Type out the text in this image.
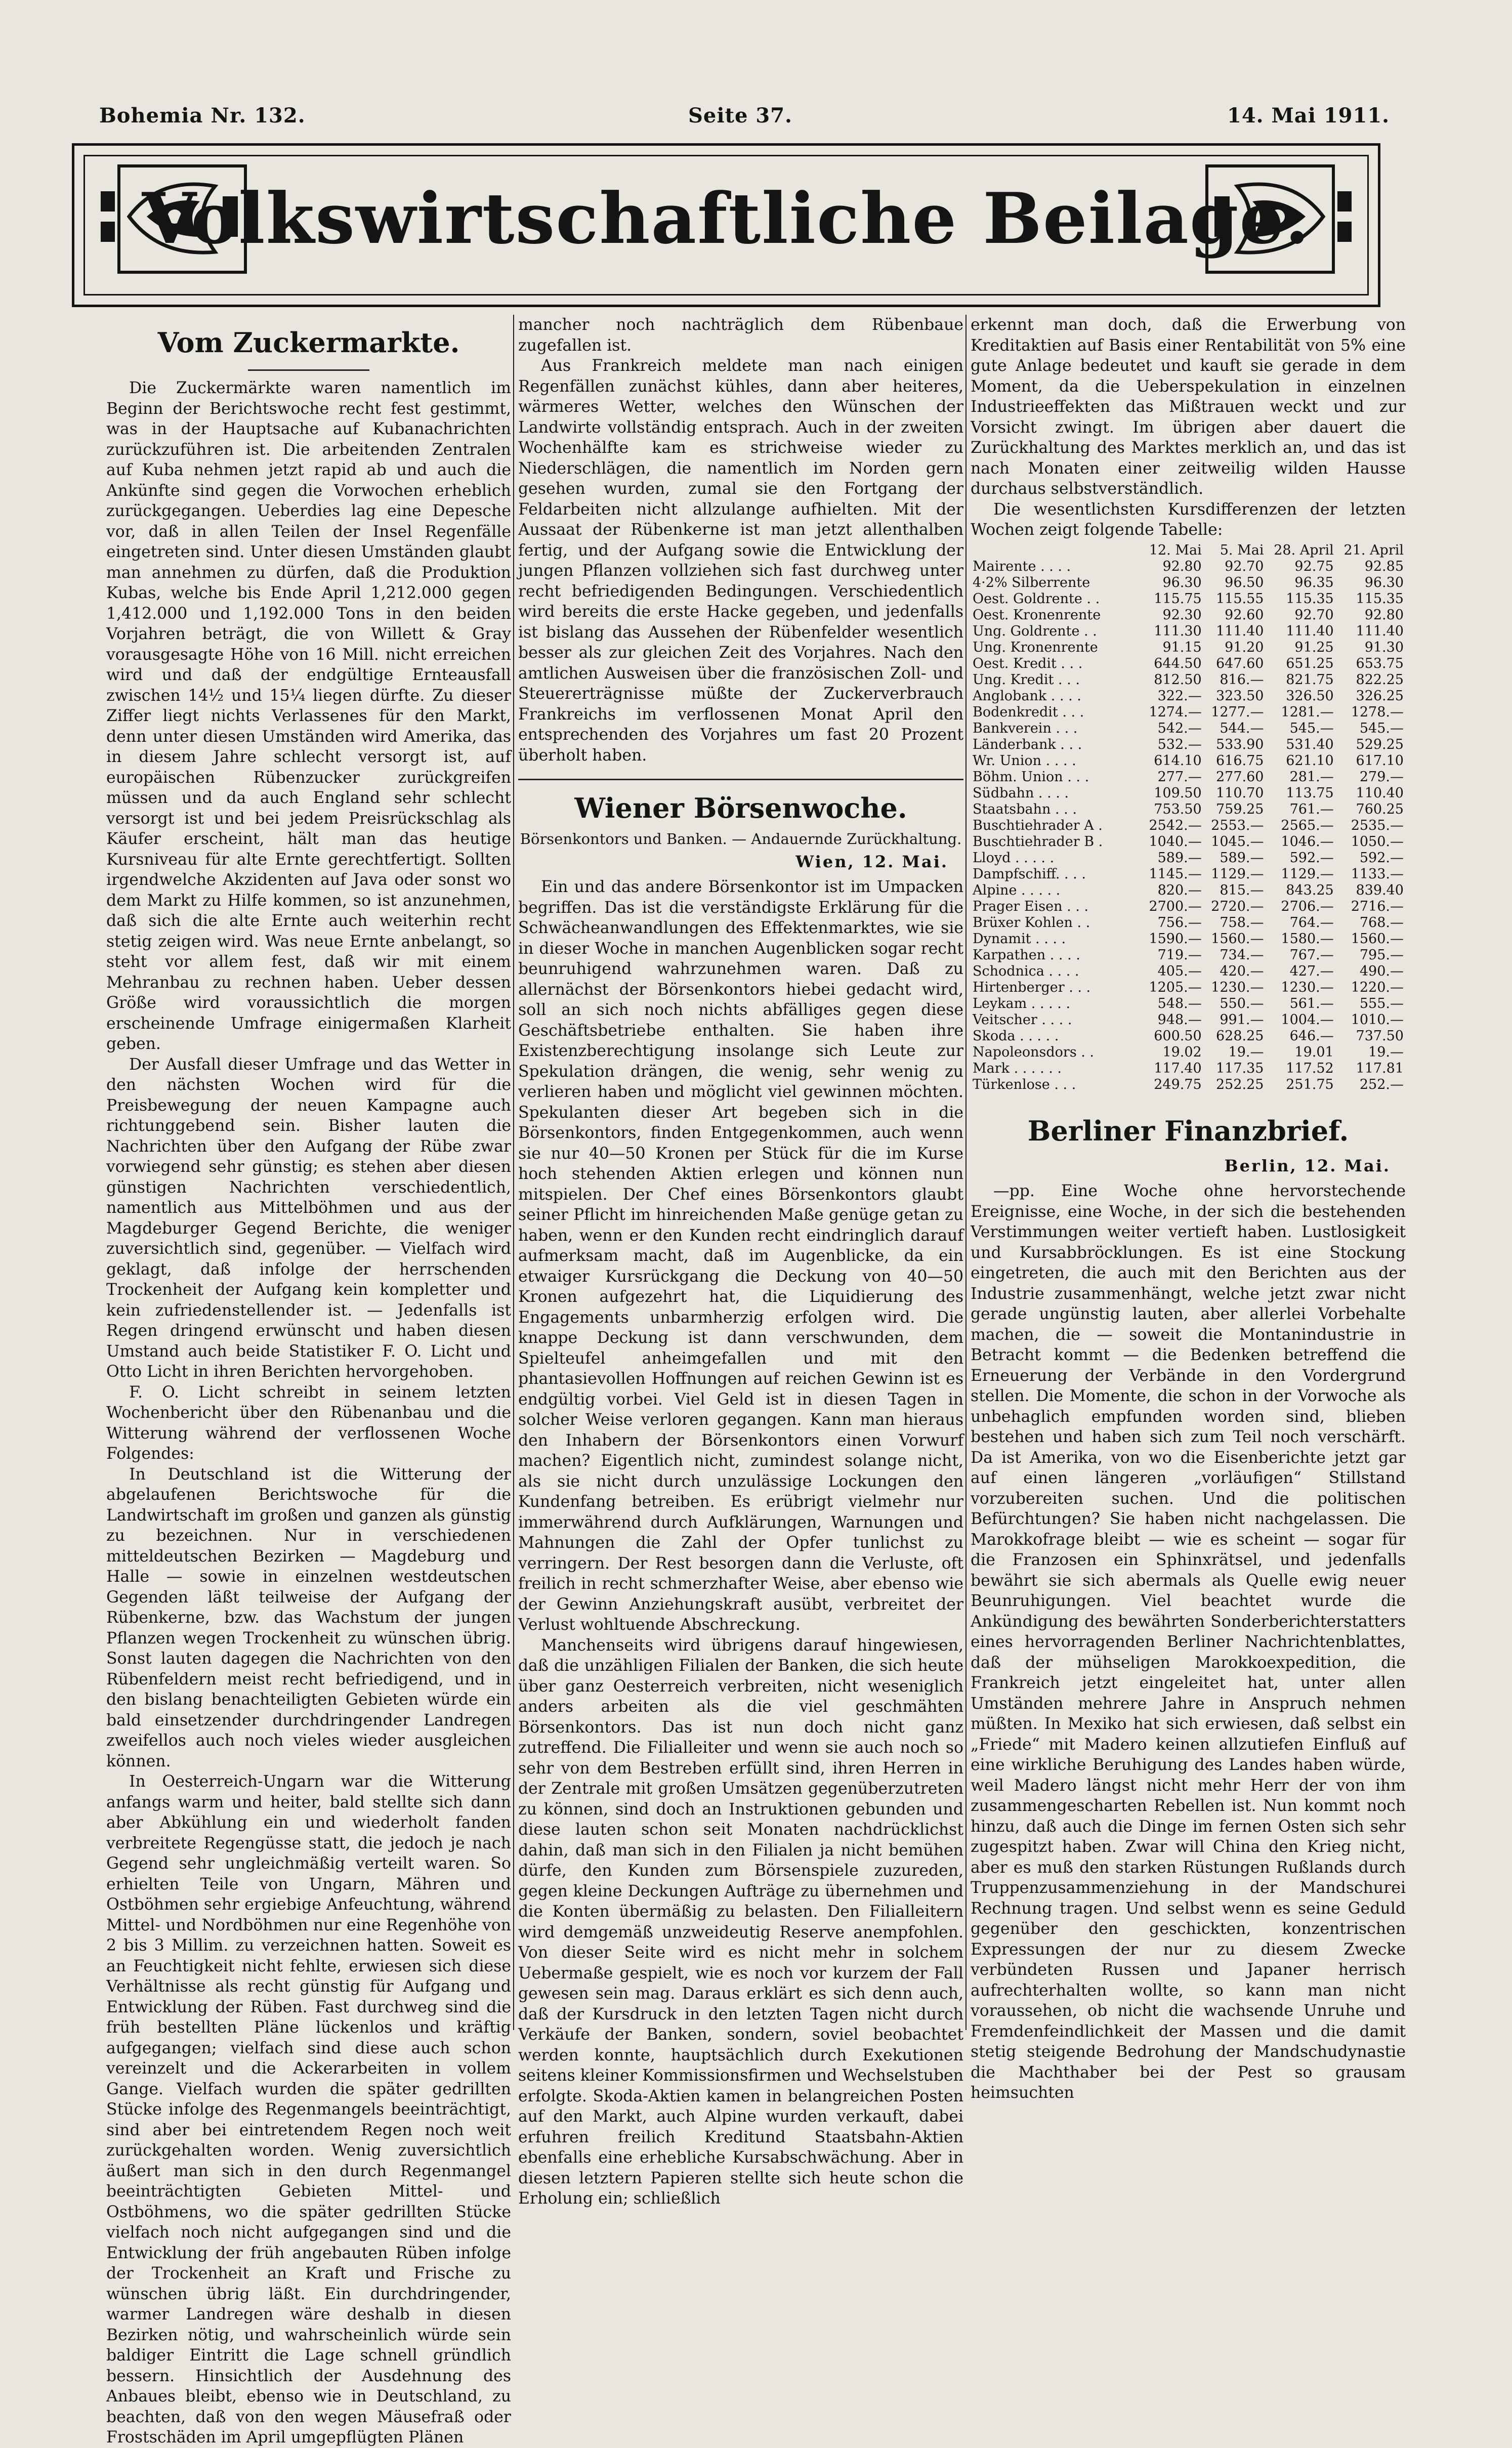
Bohemia Nr. 132.	Seite 37.	14. Mai 1911.
Volkswirtschaftliche Beilage.
Vom Zuckermarkte.

Die Zuckermärkte waren namentlich im Beginn der Berichtswoche recht fest gestimmt, was in der Hauptsache auf Kubanachrichten zurückzuführen ist. Die arbeitenden Zentralen auf Kuba nehmen jetzt rapid ab und auch die Ankünfte sind gegen die Vorwochen erheblich zurückgegangen. Ueberdies lag eine Depesche vor, daß in allen Teilen der Insel Regenfälle eingetreten sind. Unter diesen Umständen glaubt man annehmen zu dürfen, daß die Produktion Kubas, welche bis Ende April 1,212.000 gegen 1,412.000 und 1,192.000 Tons in den beiden Vorjahren beträgt, die von Willett & Gray vorausgesagte Höhe von 16 Mill. nicht erreichen wird und daß der endgültige Ernteausfall zwischen 14½ und 15¼ liegen dürfte. Zu dieser Ziffer liegt nichts Verlassenes für den Markt, denn unter diesen Umständen wird Amerika, das in diesem Jahre schlecht versorgt ist, auf europäischen Rübenzucker zurückgreifen müssen und da auch England sehr schlecht versorgt ist und bei jedem Preisrückschlag als Käufer erscheint, hält man das heutige Kursniveau für alte Ernte gerechtfertigt. Sollten irgendwelche Akzidenten auf Java oder sonst wo dem Markt zu Hilfe kommen, so ist anzunehmen, daß sich die alte Ernte auch weiterhin recht stetig zeigen wird. Was neue Ernte anbelangt, so steht vor allem fest, daß wir mit einem Mehranbau zu rechnen haben. Ueber dessen Größe wird voraussichtlich die morgen erscheinende Umfrage einigermaßen Klarheit geben.

Der Ausfall dieser Umfrage und das Wetter in den nächsten Wochen wird für die Preisbewegung der neuen Kampagne auch richtunggebend sein. Bisher lauten die Nachrichten über den Aufgang der Rübe zwar vorwiegend sehr günstig; es stehen aber diesen günstigen Nachrichten verschiedentlich, namentlich aus Mittelböhmen und aus der Magdeburger Gegend Berichte, die weniger zuversichtlich sind, gegenüber. — Vielfach wird geklagt, daß infolge der herrschenden Trockenheit der Aufgang kein kompletter und kein zufriedenstellender ist. — Jedenfalls ist Regen dringend erwünscht und haben diesen Umstand auch beide Statistiker F. O. Licht und Otto Licht in ihren Berichten hervorgehoben.

F. O. Licht schreibt in seinem letzten Wochenbericht über den Rübenanbau und die Witterung während der verflossenen Woche Folgendes:

In Deutschland ist die Witterung der abgelaufenen Berichtswoche für die Landwirtschaft im großen und ganzen als günstig zu bezeichnen. Nur in verschiedenen mitteldeutschen Bezirken — Magdeburg und Halle — sowie in einzelnen westdeutschen Gegenden läßt teilweise der Aufgang der Rübenkerne, bzw. das Wachstum der jungen Pflanzen wegen Trockenheit zu wünschen übrig. Sonst lauten dagegen die Nachrichten von den Rübenfeldern meist recht befriedigend, und in den bislang benachteiligten Gebieten würde ein bald einsetzender durchdringender Landregen zweifellos auch noch vieles wieder ausgleichen können.

In Oesterreich-Ungarn war die Witterung anfangs warm und heiter, bald stellte sich dann aber Abkühlung ein und wiederholt fanden verbreitete Regengüsse statt, die jedoch je nach Gegend sehr ungleichmäßig verteilt waren. So erhielten Teile von Ungarn, Mähren und Ostböhmen sehr ergiebige Anfeuchtung, während Mittel- und Nordböhmen nur eine Regenhöhe von 2 bis 3 Millim. zu verzeichnen hatten. Soweit es an Feuchtigkeit nicht fehlte, erwiesen sich diese Verhältnisse als recht günstig für Aufgang und Entwicklung der Rüben. Fast durchweg sind die früh bestellten Pläne lückenlos und kräftig aufgegangen; vielfach sind diese auch schon vereinzelt und die Ackerarbeiten in vollem Gange. Vielfach wurden die später gedrillten Stücke infolge des Regenmangels beeinträchtigt, sind aber bei eintretendem Regen noch weit zurückgehalten worden. Wenig zuversichtlich äußert man sich in den durch Regenmangel beeinträchtigten Gebieten Mittel- und Ostböhmens, wo die später gedrillten Stücke vielfach noch nicht aufgegangen sind und die Entwicklung der früh angebauten Rüben infolge der Trockenheit an Kraft und Frische zu wünschen übrig läßt. Ein durchdringender, warmer Landregen wäre deshalb in diesen Bezirken nötig, und wahrscheinlich würde sein baldiger Eintritt die Lage schnell gründlich bessern. Hinsichtlich der Ausdehnung des Anbaues bleibt, ebenso wie in Deutschland, zu beachten, daß von den wegen Mäusefraß oder Frostschäden im April umgepflügten Plänen

mancher noch nachträglich dem Rübenbaue zugefallen ist.

Aus Frankreich meldete man nach einigen Regenfällen zunächst kühles, dann aber heiteres, wärmeres Wetter, welches den Wünschen der Landwirte vollständig entsprach. Auch in der zweiten Wochenhälfte kam es strichweise wieder zu Niederschlägen, die namentlich im Norden gern gesehen wurden, zumal sie den Fortgang der Feldarbeiten nicht allzulange aufhielten. Mit der Aussaat der Rübenkerne ist man jetzt allenthalben fertig, und der Aufgang sowie die Entwicklung der jungen Pflanzen vollziehen sich fast durchweg unter recht befriedigenden Bedingungen. Verschiedentlich wird bereits die erste Hacke gegeben, und jedenfalls ist bislang das Aussehen der Rübenfelder wesentlich besser als zur gleichen Zeit des Vorjahres. Nach den amtlichen Ausweisen über die französischen Zoll- und Steuererträgnisse müßte der Zuckerverbrauch Frankreichs im verflossenen Monat April den entsprechenden des Vorjahres um fast 20 Prozent überholt haben.

Wiener Börsenwoche.
Börsenkontors und Banken. — Andauernde Zurückhaltung.
Wien, 12. Mai.

Ein und das andere Börsenkontor ist im Umpacken begriffen. Das ist die verständigste Erklärung für die Schwächeanwandlungen des Effektenmarktes, wie sie in dieser Woche in manchen Augenblicken sogar recht beunruhigend wahrzunehmen waren. Daß zu allernächst der Börsenkontors hiebei gedacht wird, soll an sich noch nichts abfälliges gegen diese Geschäftsbetriebe enthalten. Sie haben ihre Existenzberechtigung insolange sich Leute zur Spekulation drängen, die wenig, sehr wenig zu verlieren haben und möglicht viel gewinnen möchten. Spekulanten dieser Art begeben sich in die Börsenkontors, finden Entgegenkommen, auch wenn sie nur 40—50 Kronen per Stück für die im Kurse hoch stehenden Aktien erlegen und können nun mitspielen. Der Chef eines Börsenkontors glaubt seiner Pflicht im hinreichenden Maße genüge getan zu haben, wenn er den Kunden recht eindringlich darauf aufmerksam macht, daß im Augenblicke, da ein etwaiger Kursrückgang die Deckung von 40—50 Kronen aufgezehrt hat, die Liquidierung des Engagements unbarmherzig erfolgen wird. Die knappe Deckung ist dann verschwunden, dem Spielteufel anheimgefallen und mit den phantasievollen Hoffnungen auf reichen Gewinn ist es endgültig vorbei. Viel Geld ist in diesen Tagen in solcher Weise verloren gegangen. Kann man hieraus den Inhabern der Börsenkontors einen Vorwurf machen? Eigentlich nicht, zumindest solange nicht, als sie nicht durch unzulässige Lockungen den Kundenfang betreiben. Es erübrigt vielmehr nur immerwährend durch Aufklärungen, Warnungen und Mahnungen die Zahl der Opfer tunlichst zu verringern. Der Rest besorgen dann die Verluste, oft freilich in recht schmerzhafter Weise, aber ebenso wie der Gewinn Anziehungskraft ausübt, verbreitet der Verlust wohltuende Abschreckung.

Manchenseits wird übrigens darauf hingewiesen, daß die unzähligen Filialen der Banken, die sich heute über ganz Oesterreich verbreiten, nicht weseniglich anders arbeiten als die viel geschmähten Börsenkontors. Das ist nun doch nicht ganz zutreffend. Die Filialleiter und wenn sie auch noch so sehr von dem Bestreben erfüllt sind, ihren Herren in der Zentrale mit großen Umsätzen gegenüberzutreten zu können, sind doch an Instruktionen gebunden und diese lauten schon seit Monaten nachdrücklichst dahin, daß man sich in den Filialen ja nicht bemühen dürfe, den Kunden zum Börsenspiele zuzureden, gegen kleine Deckungen Aufträge zu übernehmen und die Konten übermäßig zu belasten. Den Filialleitern wird demgemäß unzweideutig Reserve anempfohlen. Von dieser Seite wird es nicht mehr in solchem Uebermaße gespielt, wie es noch vor kurzem der Fall gewesen sein mag. Daraus erklärt es sich denn auch, daß der Kursdruck in den letzten Tagen nicht durch Verkäufe der Banken, sondern, soviel beobachtet werden konnte, hauptsächlich durch Exekutionen seitens kleiner Kommissionsfirmen und Wechselstuben erfolgte. Skoda-Aktien kamen in belangreichen Posten auf den Markt, auch Alpine wurden verkauft, dabei erfuhren freilich Kreditund Staatsbahn-Aktien ebenfalls eine erhebliche Kursabschwächung. Aber in diesen letztern Papieren stellte sich heute schon die Erholung ein; schließlich

erkennt man doch, daß die Erwerbung von Kreditaktien auf Basis einer Rentabilität von 5% eine gute Anlage bedeutet und kauft sie gerade in dem Moment, da die Ueberspekulation in einzelnen Industrieeffekten das Mißtrauen weckt und zur Vorsicht zwingt. Im übrigen aber dauert die Zurückhaltung des Marktes merklich an, und das ist nach Monaten einer zeitweilig wilden Hausse durchaus selbstverständlich.

Die wesentlichsten Kursdifferenzen der letzten Wochen zeigt folgende Tabelle:

	12. Mai	5. Mai	28. April	21. April
Mairente . . . .	92.80	92.70	92.75	92.85
4·2% Silberrente	96.30	96.50	96.35	96.30
Oest. Goldrente . .	115.75	115.55	115.35	115.35
Oest. Kronenrente	92.30	92.60	92.70	92.80
Ung. Goldrente . .	111.30	111.40	111.40	111.40
Ung. Kronenrente	91.15	91.20	91.25	91.30
Oest. Kredit . . .	644.50	647.60	651.25	653.75
Ung. Kredit . . .	812.50	816.—	821.75	822.25
Anglobank . . . .	322.—	323.50	326.50	326.25
Bodenkredit . . .	1274.—	1277.—	1281.—	1278.—
Bankverein . . .	542.—	544.—	545.—	545.—
Länderbank . . .	532.—	533.90	531.40	529.25
Wr. Union . . . .	614.10	616.75	621.10	617.10
Böhm. Union . . .	277.—	277.60	281.—	279.—
Südbahn . . . .	109.50	110.70	113.75	110.40
Staatsbahn . . .	753.50	759.25	761.—	760.25
Buschtiehrader A .	2542.—	2553.—	2565.—	2535.—
Buschtiehrader B .	1040.—	1045.—	1046.—	1050.—
Lloyd . . . . .	589.—	589.—	592.—	592.—
Dampfschiff. . . .	1145.—	1129.—	1129.—	1133.—
Alpine . . . . .	820.—	815.—	843.25	839.40
Prager Eisen . . .	2700.—	2720.—	2706.—	2716.—
Brüxer Kohlen . .	756.—	758.—	764.—	768.—
Dynamit . . . .	1590.—	1560.—	1580.—	1560.—
Karpathen . . . .	719.—	734.—	767.—	795.—
Schodnica . . . .	405.—	420.—	427.—	490.—
Hirtenberger . . .	1205.—	1230.—	1230.—	1220.—
Leykam . . . . .	548.—	550.—	561.—	555.—
Veitscher . . . .	948.—	991.—	1004.—	1010.—
Skoda . . . . .	600.50	628.25	646.—	737.50
Napoleonsdors . .	19.02	19.—	19.01	19.—
Mark . . . . . .	117.40	117.35	117.52	117.81
Türkenlose . . .	249.75	252.25	251.75	252.—
Berliner Finanzbrief.
Berlin, 12. Mai.

—pp. Eine Woche ohne hervorstechende Ereignisse, eine Woche, in der sich die bestehenden Verstimmungen weiter vertieft haben. Lustlosigkeit und Kursabbröcklungen. Es ist eine Stockung eingetreten, die auch mit den Berichten aus der Industrie zusammenhängt, welche jetzt zwar nicht gerade ungünstig lauten, aber allerlei Vorbehalte machen, die — soweit die Montanindustrie in Betracht kommt — die Bedenken betreffend die Erneuerung der Verbände in den Vordergrund stellen. Die Momente, die schon in der Vorwoche als unbehaglich empfunden worden sind, blieben bestehen und haben sich zum Teil noch verschärft. Da ist Amerika, von wo die Eisenberichte jetzt gar auf einen längeren „vorläufigen“ Stillstand vorzubereiten suchen. Und die politischen Befürchtungen? Sie haben nicht nachgelassen. Die Marokkofrage bleibt — wie es scheint — sogar für die Franzosen ein Sphinxrätsel, und jedenfalls bewährt sie sich abermals als Quelle ewig neuer Beunruhigungen. Viel beachtet wurde die Ankündigung des bewährten Sonderberichterstatters eines hervorragenden Berliner Nachrichtenblattes, daß der mühseligen Marokkoexpedition, die Frankreich jetzt eingeleitet hat, unter allen Umständen mehrere Jahre in Anspruch nehmen müßten. In Mexiko hat sich erwiesen, daß selbst ein „Friede“ mit Madero keinen allzutiefen Einfluß auf eine wirkliche Beruhigung des Landes haben würde, weil Madero längst nicht mehr Herr der von ihm zusammengescharten Rebellen ist. Nun kommt noch hinzu, daß auch die Dinge im fernen Osten sich sehr zugespitzt haben. Zwar will China den Krieg nicht, aber es muß den starken Rüstungen Rußlands durch Truppenzusammenziehung in der Mandschurei Rechnung tragen. Und selbst wenn es seine Geduld gegenüber den geschickten, konzentrischen Expressungen der nur zu diesem Zwecke verbündeten Russen und Japaner herrisch aufrechterhalten wollte, so kann man nicht voraussehen, ob nicht die wachsende Unruhe und Fremdenfeindlichkeit der Massen und die damit stetig steigende Bedrohung der Mandschudynastie die Machthaber bei der Pest so grausam heimsuchten
